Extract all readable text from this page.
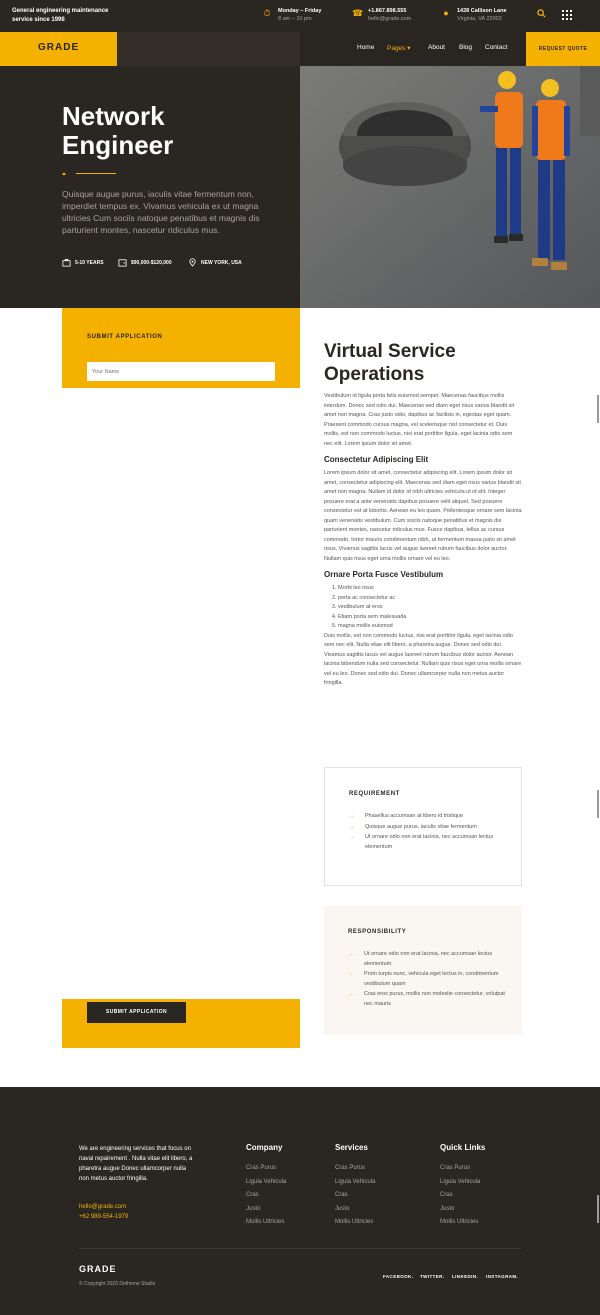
General engineering maintenance service since 1998
⏱ Monday – Friday
8 am – 10 pm
☎ +1.867.898.555
hello@grade.com
●	1428 Callison Lane
Virginia, VA 22902
GRADE	Home Pages ▾	About Blog Contact	REQUEST QUOTE
Network Engineer

Quisque augue purus, iaculis vitae fermentum non, imperdiet tempus ex. Vivamus vehicula ex ut magna ultricies Cum sociis natoque penatibus et magnis dis parturient montes, nascetur ridiculus mus.

5-10 YEARS	$90,000-$120,000	NEW YORK, USA
SUBMIT APPLICATION
Your Name
SUBMIT APPLICATION
Virtual Service Operations

Vestibulum id ligula porta felis euismod semper. Maecenas faucibus mollis interdum. Donec sed odio dui. Maecenas sed diam eget risus varius blandit sit amet non magna. Cras justo odio, dapibus ac facilisis in, egestas eget quam. Praesent commodo cursus magna, vel scelerisque nisl consectetur et. Duis mollis, est non commodo luctus, nisi erat porttitor ligula, eget lacinia odio sem nec elit. Lorem ipsum dolor sit amet.

Consectetur Adipiscing Elit

Lorem ipsum dolor sit amet, consectetur adipiscing elit. Lorem ipsum dolor sit amet, consectetur adipiscing elit. Maecenas sed diam eget risus varius blandit sit amet non magna. Nullam id dolor id nibh ultricies vehicula ut id elit. Integer posuere erat a ante venenatis dapibus posuere velit aliquet. Sed posuere consectetur est at lobortis. Aenean eu leo quam. Pellentesque ornare sem lacinia quam venenatis vestibulum. Cum sociis natoque penatibus et magnis dis parturient montes, nascetur ridiculus mus. Fusce dapibus, tellus ac cursus commodo, tortor mauris condimentum nibh, ut fermentum massa justo sit amet risus. Vivamus sagittis lacus vel augue laoreet rutrum faucibus dolor auctor. Nullam quis risus eget urna mollis ornare vel eu leo.

Ornare Porta Fusce Vestibulum
1. Morbi leo risus
2. porta ac consectetur ac
3. vestibulum at eros
4. Etiam porta sem malesuada
5. magna mollis euismod

Duis mollis, est non commodo luctus, nisi erat porttitor ligula, eget lacinia odio sem nec elit. Nulla vitae elit libero, a pharetra augue. Donec sed odio dui. Vivamus sagittis lacus vel augue laoreet rutrum faucibus dolor auctor. Aenean lacinia bibendum nulla sed consectetur. Nullam quis risus eget urna mollis ornare vel eu leo. Donec sed odio dui. Donec ullamcorper nulla non metus auctor fringilla.

REQUIREMENT
→ Phasellus accumsan at libero id tristique
→ Quisque augue purus, iaculis vitae fermentum
→ Ut ornare odio non erat lacinia, nec accumsan lectus elementum
RESPONSIBILITY
→ Ut ornare odio non erat lacinia, nec accumsan lectus elementum
→ Proin turpis nunc, vehicula eget lectus in, condimentum vestibulum quam
→ Cras eros purus, mollis non molestie consectetur, volutpat nec mauris

We are engineering services that focus on naval repairement . Nulla vitae elit libero, a pharetra augue Donec ullamcorper nulla non metus auctor fringilla.

hello@grade.com
+62 989-554-1979
Company
Cras Purus
Ligula Vehicula
Cras
Justo
Mollis Ultricies
Services
Cras Purus
Ligula Vehicula
Cras
Justo
Mollis Ultricies
Quick Links
Cras Purus
Ligula Vehicula
Cras
Justo
Mollis Ultricies
GRADE
© Copyright 2020 Detheme Studio
FACEBOOK. TWITTER. LINKEDIN. INSTAGRAM.
